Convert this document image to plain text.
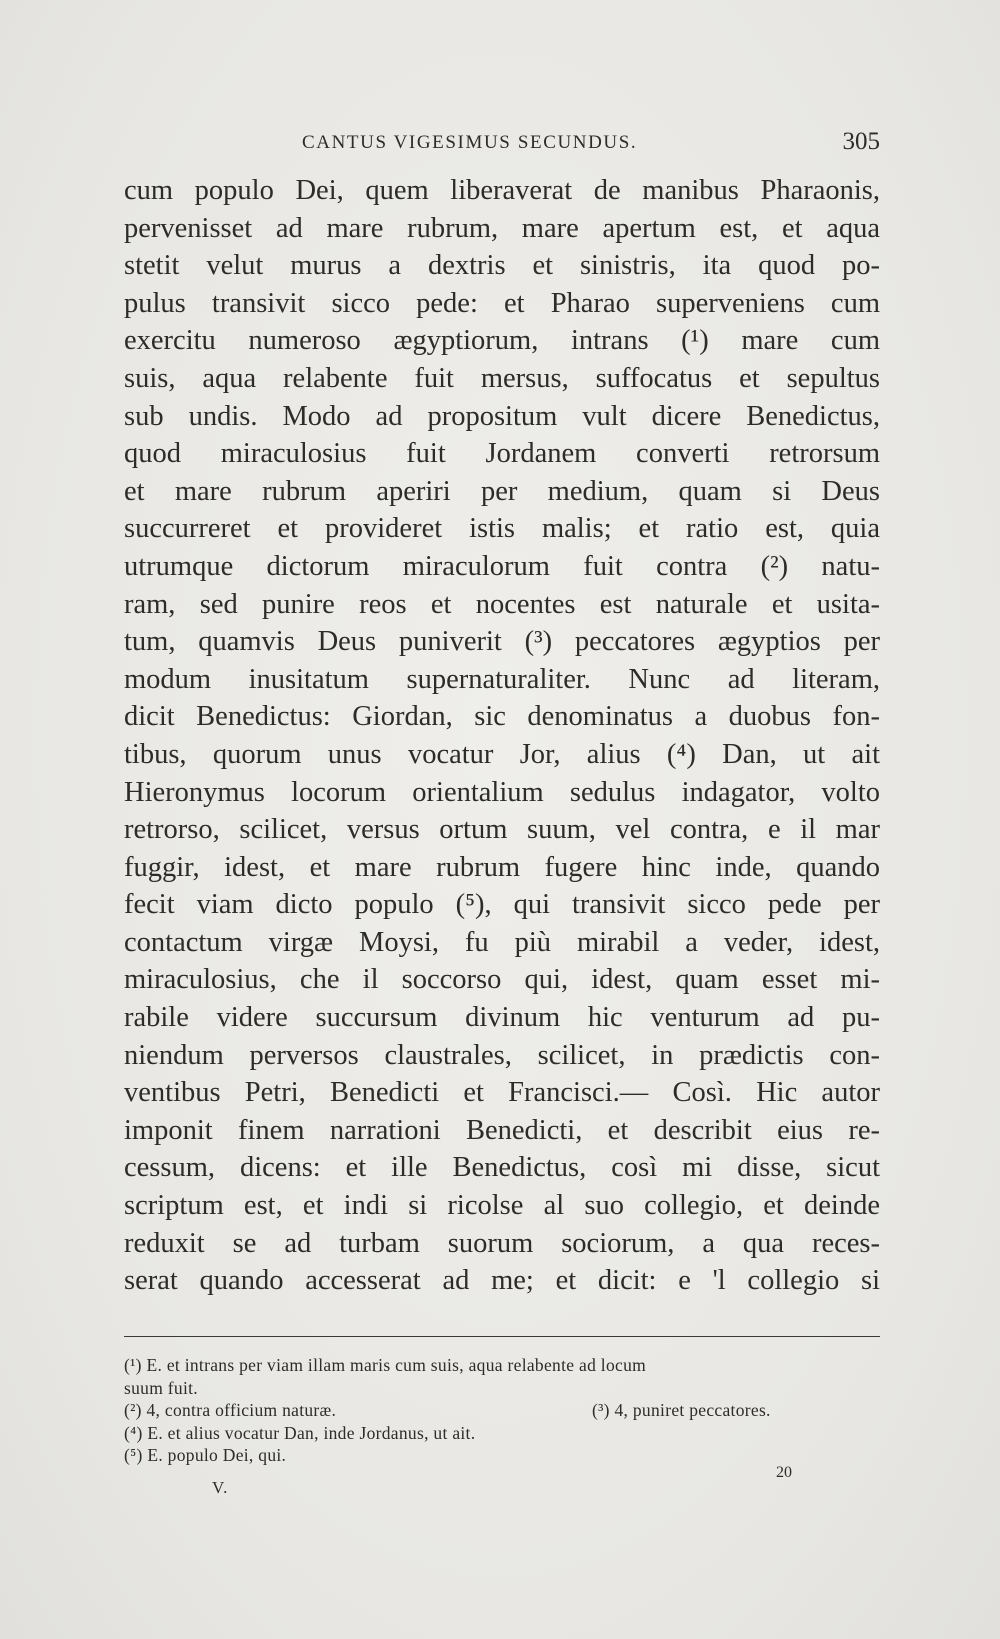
CANTUS VIGESIMUS SECUNDUS.	305
cum populo Dei, quem liberaverat de manibus Pharaonis,
pervenisset ad mare rubrum, mare apertum est, et aqua
stetit velut murus a dextris et sinistris, ita quod po-
pulus transivit sicco pede: et Pharao superveniens cum
exercitu numeroso ægyptiorum, intrans (¹) mare cum
suis, aqua relabente fuit mersus, suffocatus et sepultus
sub undis. Modo ad propositum vult dicere Benedictus,
quod miraculosius fuit Jordanem converti retrorsum
et mare rubrum aperiri per medium, quam si Deus
succurreret et provideret istis malis; et ratio est, quia
utrumque dictorum miraculorum fuit contra (²) natu-
ram, sed punire reos et nocentes est naturale et usita-
tum, quamvis Deus puniverit (³) peccatores ægyptios per
modum inusitatum supernaturaliter. Nunc ad literam,
dicit Benedictus: Giordan, sic denominatus a duobus fon-
tibus, quorum unus vocatur Jor, alius (⁴) Dan, ut ait
Hieronymus locorum orientalium sedulus indagator, volto
retrorso, scilicet, versus ortum suum, vel contra, e il mar
fuggir, idest, et mare rubrum fugere hinc inde, quando
fecit viam dicto populo (⁵), qui transivit sicco pede per
contactum virgæ Moysi, fu più mirabil a veder, idest,
miraculosius, che il soccorso qui, idest, quam esset mi-
rabile videre succursum divinum hic venturum ad pu-
niendum perversos claustrales, scilicet, in prædictis con-
ventibus Petri, Benedicti et Francisci.— Così. Hic autor
imponit finem narrationi Benedicti, et describit eius re-
cessum, dicens: et ille Benedictus, così mi disse, sicut
scriptum est, et indi si ricolse al suo collegio, et deinde
reduxit se ad turbam suorum sociorum, a qua reces-
serat quando accesserat ad me; et dicit: e 'l collegio si
(¹) E. et intrans per viam illam maris cum suis, aqua relabente ad locum
suum fuit.
(²) 4, contra officium naturæ.	(³) 4, puniret peccatores.
(⁴) E. et alius vocatur Dan, inde Jordanus, ut ait.
(⁵) E. populo Dei, qui.
V.
20
